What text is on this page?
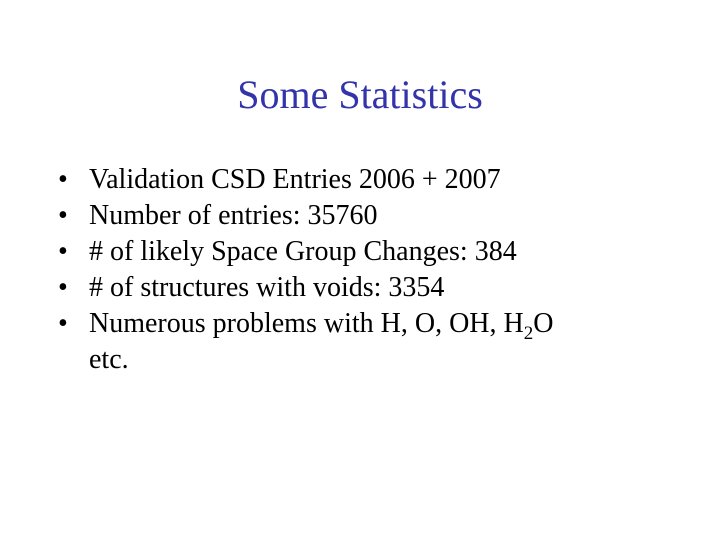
Some Statistics
• Validation CSD Entries 2006 + 2007
• Number of entries: 35760
• # of likely Space Group Changes: 384
• # of structures with voids: 3354
• Numerous problems with H, O, OH, $H_2O$
etc.
